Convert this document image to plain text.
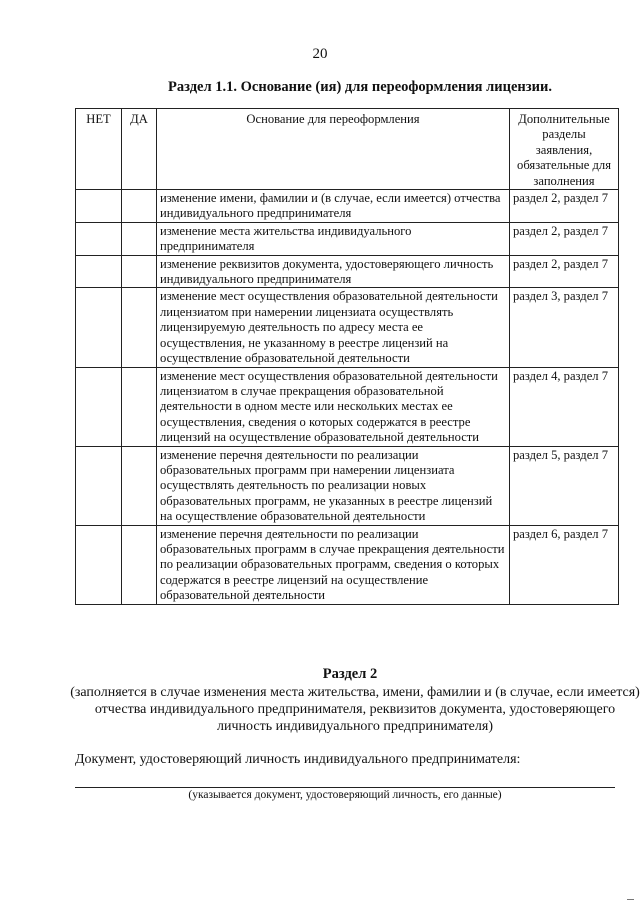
20
Раздел 1.1. Основание (ия) для переоформления лицензии.
НЕТ	ДА	Основание для переоформления	Дополнительные разделы заявления, обязательные для заполнения
		изменение имени, фамилии и (в случае, если имеется) отчества индивидуального предпринимателя	раздел 2, раздел 7
		изменение места жительства индивидуального предпринимателя	раздел 2, раздел 7
		изменение реквизитов документа, удостоверяющего личность индивидуального предпринимателя	раздел 2, раздел 7
		изменение мест осуществления образовательной деятельности лицензиатом при намерении лицензиата осуществлять лицензируемую деятельность по адресу места ее осуществления, не указанному в реестре лицензий на осуществление образовательной деятельности	раздел 3, раздел 7
		изменение мест осуществления образовательной деятельности лицензиатом в случае прекращения образовательной деятельности в одном месте или нескольких местах ее осуществления, сведения о которых содержатся в реестре лицензий на осуществление образовательной деятельности	раздел 4, раздел 7
		изменение перечня деятельности по реализации образовательных программ при намерении лицензиата осуществлять деятельность по реализации новых образовательных программ, не указанных в реестре лицензий на осуществление образовательной деятельности	раздел 5, раздел 7
		изменение перечня деятельности по реализации образовательных программ в случае прекращения деятельности по реализации образовательных программ, сведения о которых содержатся в реестре лицензий на осуществление образовательной деятельности	раздел 6, раздел 7
Раздел 2
(заполняется в случае изменения места жительства, имени, фамилии и (в случае, если имеется) отчества индивидуального предпринимателя, реквизитов документа, удостоверяющего личность индивидуального предпринимателя)
Документ, удостоверяющий личность индивидуального предпринимателя:
(указывается документ, удостоверяющий личность, его данные)
